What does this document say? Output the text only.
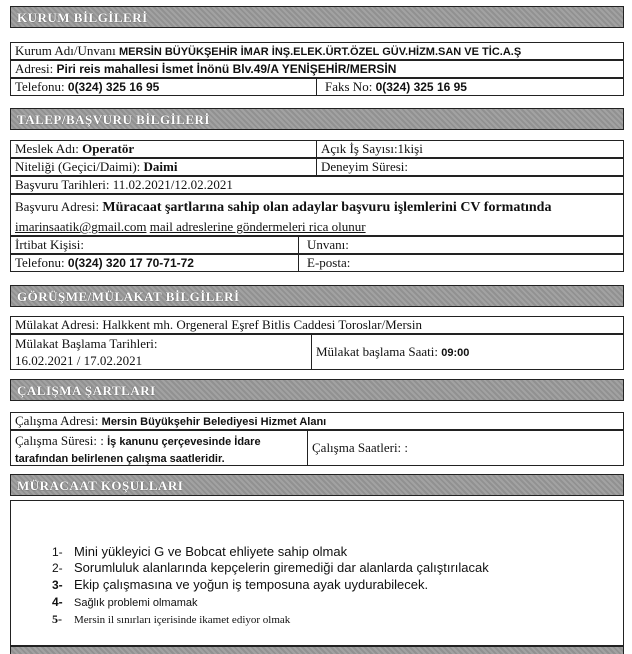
KURUM BİLGİLERİ
Kurum Adı/Unvanı MERSİN BÜYÜKŞEHİR İMAR İNŞ.ELEK.ÜRT.ÖZEL GÜV.HİZM.SAN VE TİC.A.Ş
Adresi: Piri reis mahallesi İsmet İnönü Blv.49/A YENİŞEHİR/MERSİN
Telefonu: 0(324) 325 16 95	Faks No: 0(324) 325 16 95
TALEP/BAŞVURU BİLGİLERİ
Meslek Adı: Operatör	Açık İş Sayısı:1kişi
Niteliği (Geçici/Daimi): Daimi	Deneyim Süresi:
Başvuru Tarihleri: 11.02.2021/12.02.2021
Başvuru Adresi: Müracaat şartlarına sahip olan adaylar başvuru işlemlerini CV formatında imarinsaatik@gmail.com mail adreslerine göndermeleri rica olunur
İrtibat Kişisi:	Unvanı:
Telefonu: 0(324) 320 17 70-71-72	E-posta:
GÖRÜŞME/MÜLAKAT BİLGİLERİ
Mülakat Adresi: Halkkent mh. Orgeneral Eşref Bitlis Caddesi Toroslar/Mersin
Mülakat Başlama Tarihleri:
16.02.2021 / 17.02.2021
Mülakat başlama Saati: 09:00
ÇALIŞMA ŞARTLARI
Çalışma Adresi: Mersin Büyükşehir Belediyesi Hizmet Alanı
Çalışma Süresi: : İş kanunu çerçevesinde İdare tarafından belirlenen çalışma saatleridir.
Çalışma Saatleri: :
MÜRACAAT KOŞULLARI
1- Mini yükleyici G ve Bobcat ehliyete sahip olmak
2- Sorumluluk alanlarında kepçelerin giremediği dar alanlarda çalıştırılacak
3- Ekip çalışmasına ve yoğun iş temposuna ayak uydurabilecek.
4- Sağlık problemi olmamak
5- Mersin il sınırları içerisinde ikamet ediyor olmak
